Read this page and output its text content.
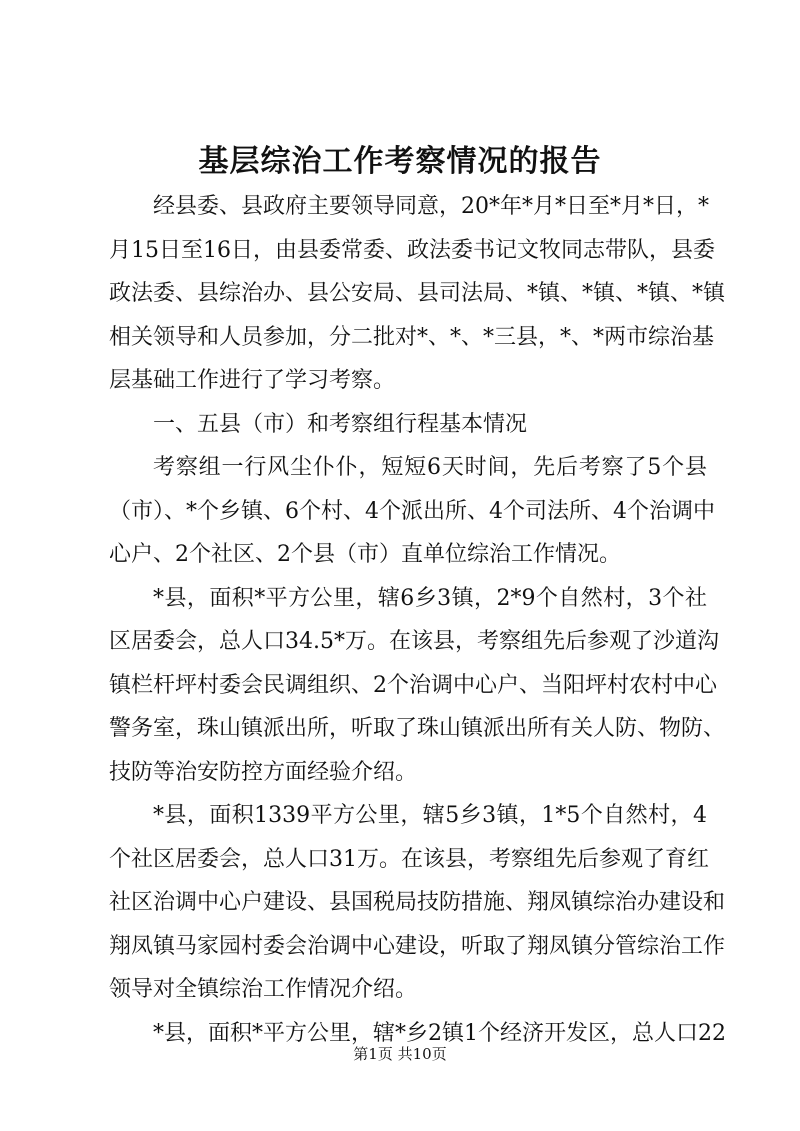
基层综治工作考察情况的报告
经县委、县政府主要领导同意，20*年*月*日至*月*日，*
月15日至16日，由县委常委、政法委书记文牧同志带队，县委
政法委、县综治办、县公安局、县司法局、*镇、*镇、*镇、*镇
相关领导和人员参加，分二批对*、*、*三县，*、*两市综治基
层基础工作进行了学习考察。
一、五县（市）和考察组行程基本情况
考察组一行风尘仆仆，短短6天时间，先后考察了5个县
（市）、*个乡镇、6个村、4个派出所、4个司法所、4个治调中
心户、2个社区、2个县（市）直单位综治工作情况。
*县，面积*平方公里，辖6乡3镇，2*9个自然村，3个社
区居委会，总人口34.5*万。在该县，考察组先后参观了沙道沟
镇栏杆坪村委会民调组织、2个治调中心户、当阳坪村农村中心
警务室，珠山镇派出所，听取了珠山镇派出所有关人防、物防、
技防等治安防控方面经验介绍。
*县，面积1339平方公里，辖5乡3镇，1*5个自然村，4
个社区居委会，总人口31万。在该县，考察组先后参观了育红
社区治调中心户建设、县国税局技防措施、翔凤镇综治办建设和
翔凤镇马家园村委会治调中心建设，听取了翔凤镇分管综治工作
领导对全镇综治工作情况介绍。
*县，面积*平方公里，辖*乡2镇1个经济开发区，总人口22
第1页 共10页
